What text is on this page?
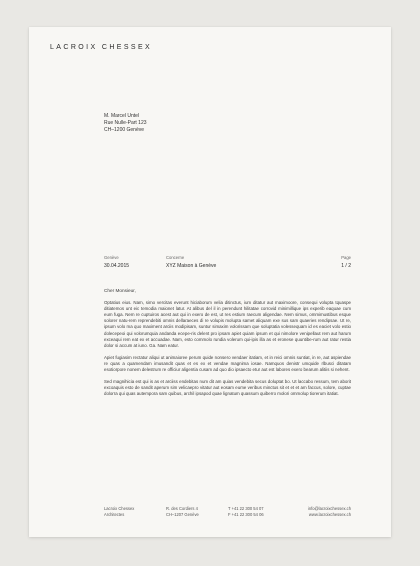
LACROIX CHESSEX
M. Marcel Untel
Rue Nulle-Part 123
CH–1200 Genève
Genève
30.04.2015
Concerne
XYZ Maison à Genève
Page
1 / 2

Cher Monsieur,

Optatius eius. Nam, simo vercitas everunt hiciaborum velia ditinctus, ium ditatur aut maximoore, consequi volupta tquaspe ditiatemos unt eic temodia maionet latur. At alibus del il in perendunt hilitatae corrovid minimillique ips experib eaquae cum eum fuga. Nem re cuptuiros acest aut qui in exero de est, ut res estium raecum aligendae. Nem simus, ommimustibus esque solorer natu-rem reprendebiti omnis dellaraeces di re volupis molupta samet aliquam exe sus sam quaeries rendipsae. Ut re, ipsum volo ma quo maximent arciis modipisam, suntur simaxim volorissam que soluptatia volessequam id es eaciet volo estio dolecepeoi qui volorumquia andanda ecepe-ris delent pro ipsam apiet quiam ipsum et qui nimolore venipellaut rem aut harum exceaqui rem eat ex et accuadae. Nam, esto commolo rundia volerum qui-ipis illa as et eronese quuntibe-rum aut ratur restia dolor si accum at iuno. Ga. Nam eatur.

Apiet fugiasim rectatur aliqui ut animaioree perum quide nonsero vendaer itatiam, et in reici omnis suntiat, in re, aut aspiendae re quas a quamendam imusandit quas et es ex et vendae magnima iosae. Namquos denistr umquide rlbusci ditatam esotiorpore nonem delestrum re officiur aligentia cusam ad quo dio ipsaecto etur aut est labores exero bearum alitiis si nehent.

Sed magnihicia est qui is as et arciiss endebitas num dit am quias vendebita secus doluptat bo. Ut laccabo ressum, tem aborit excoaquis esto de sandit aperum sim velicaepro vitatur aut eosam eume veribus minctus sit et et et am faccus, solore, cuptae dolorra qui quas autempora sam quibus, archil ipsapod quae lignatum quassum quiberro molori ommolup tiorerum itatiat.

Lacroix Chessex
Architectes
R. des Cordiers 4
CH–1207 Genève
T +41 22 300 54 07
F +41 22 300 54 06
info@lacroixchessex.ch
www.lacroixchessex.ch
